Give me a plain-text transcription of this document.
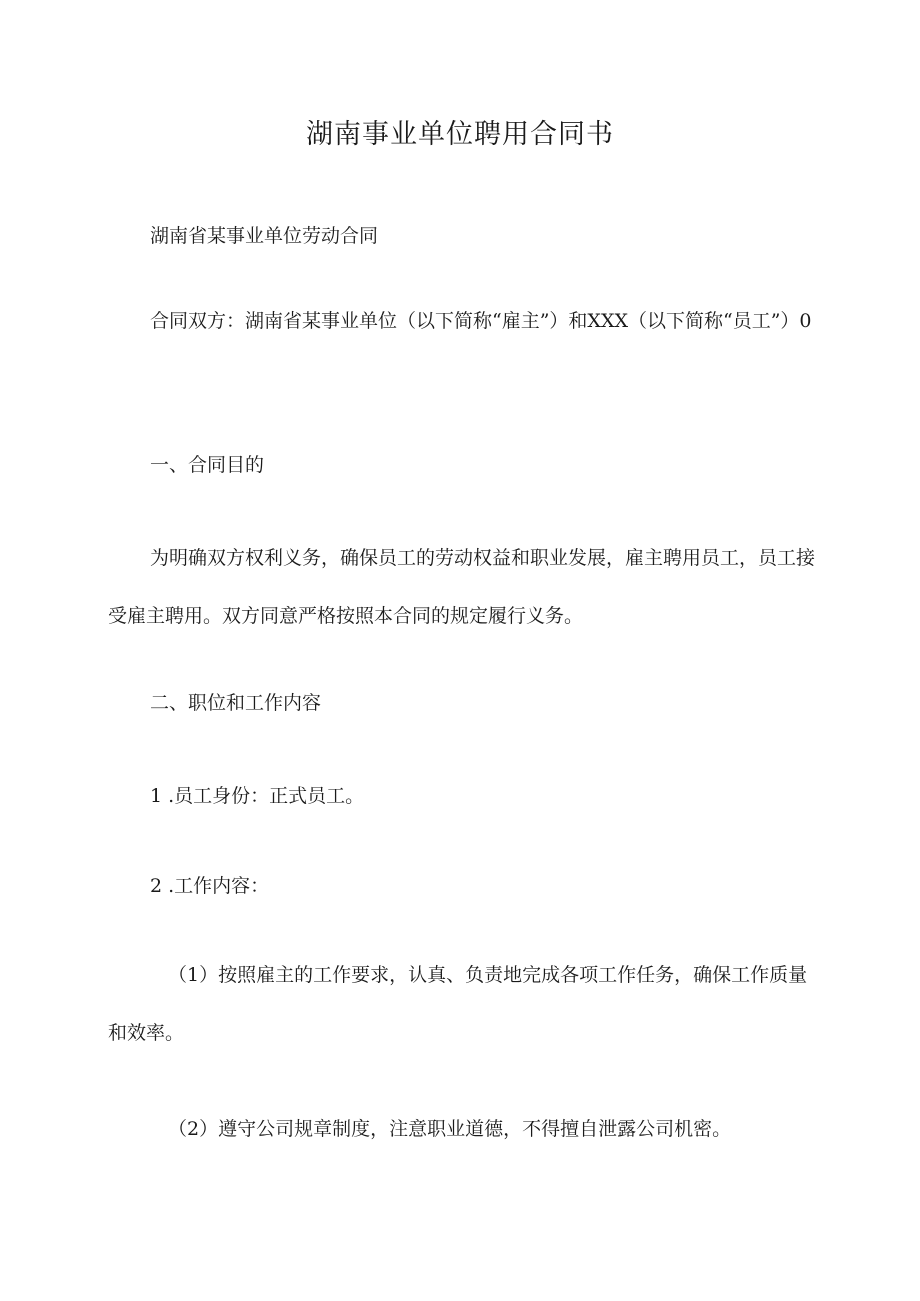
湖南事业单位聘用合同书

湖南省某事业单位劳动合同

合同双方：湖南省某事业单位（以下简称“雇主”）和XXX（以下简称“员工”）0

一、合同目的

为明确双方权利义务，确保员工的劳动权益和职业发展，雇主聘用员工，员工接受雇主聘用。双方同意严格按照本合同的规定履行义务。

二、职位和工作内容

1 .员工身份：正式员工。

2 .工作内容：

（1）按照雇主的工作要求，认真、负责地完成各项工作任务，确保工作质量和效率。

（2）遵守公司规章制度，注意职业道德，不得擅自泄露公司机密。
